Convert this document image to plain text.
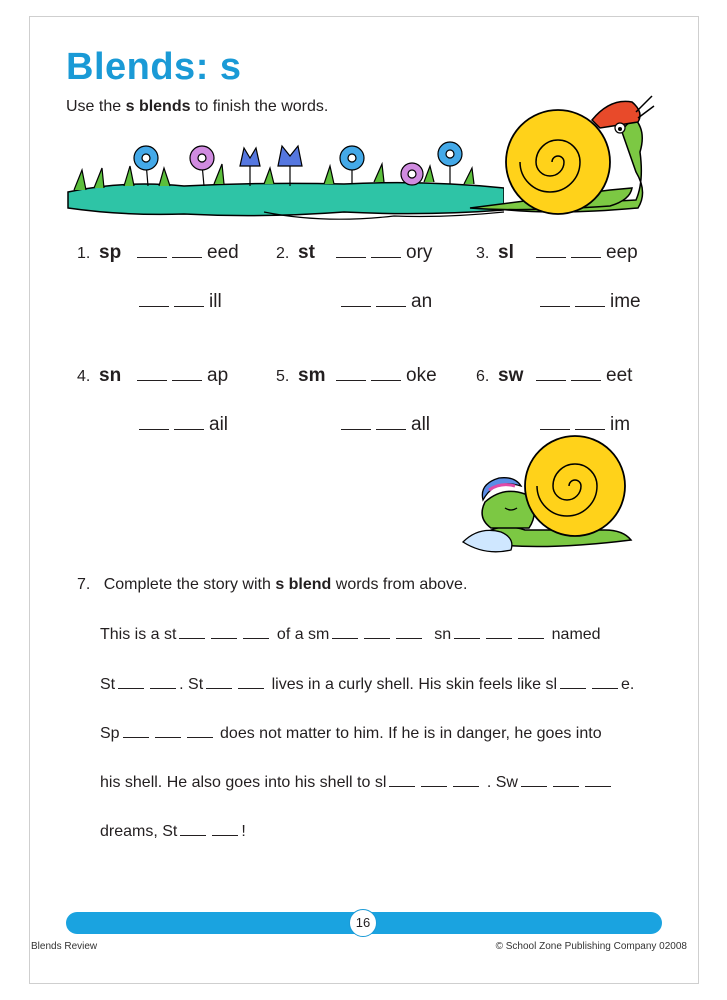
Blends: s
Use the s blends to finish the words.
1. sp	eed
ill
2. st	ory
an
3. sl	eep
ime
4. sn	ap
ail
5. sm	oke
all
6. sw	eet
im
7. Complete the story with s blend words from above.
This is a st	of a sm	sn	named
St	. St	lives in a curly shell. His skin feels like sl	e.
Sp	does not matter to him. If he is in danger, he goes into
his shell. He also goes into his shell to sl	. Sw
dreams, St	!
16
Blends Review	© School Zone Publishing Company 02008
